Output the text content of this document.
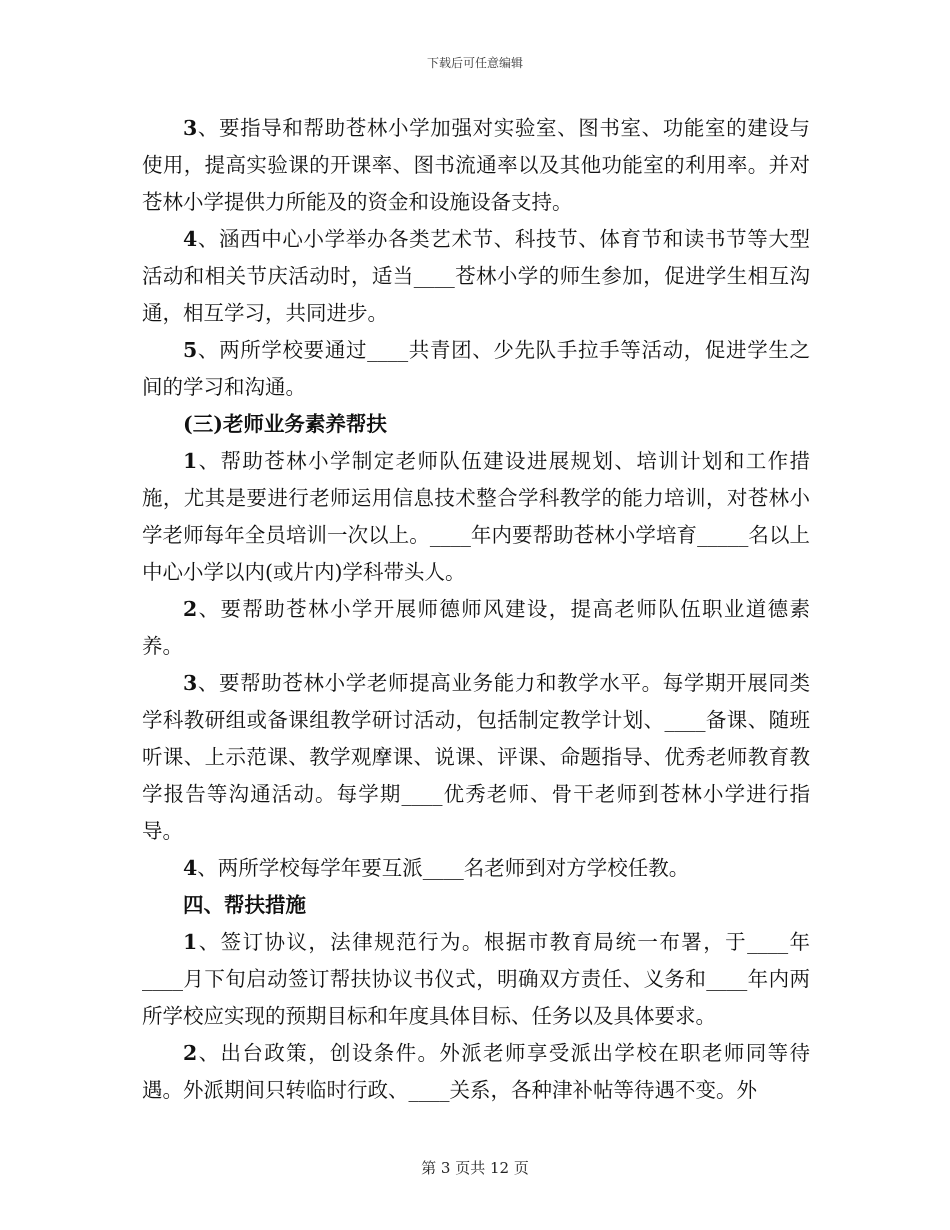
下载后可任意编辑

3、要指导和帮助苍林小学加强对实验室、图书室、功能室的建设与使用，提高实验课的开课率、图书流通率以及其他功能室的利用率。并对苍林小学提供力所能及的资金和设施设备支持。

4、涵西中心小学举办各类艺术节、科技节、体育节和读书节等大型活动和相关节庆活动时，适当____苍林小学的师生参加，促进学生相互沟通，相互学习，共同进步。

5、两所学校要通过____共青团、少先队手拉手等活动，促进学生之间的学习和沟通。

(三)老师业务素养帮扶

1、帮助苍林小学制定老师队伍建设进展规划、培训计划和工作措施，尤其是要进行老师运用信息技术整合学科教学的能力培训，对苍林小学老师每年全员培训一次以上。____年内要帮助苍林小学培育_____名以上中心小学以内(或片内)学科带头人。

2、要帮助苍林小学开展师德师风建设，提高老师队伍职业道德素养。

3、要帮助苍林小学老师提高业务能力和教学水平。每学期开展同类学科教研组或备课组教学研讨活动，包括制定教学计划、____备课、随班听课、上示范课、教学观摩课、说课、评课、命题指导、优秀老师教育教学报告等沟通活动。每学期____优秀老师、骨干老师到苍林小学进行指导。

4、两所学校每学年要互派____名老师到对方学校任教。

四、帮扶措施

1、签订协议，法律规范行为。根据市教育局统一布署，于____年____月下旬启动签订帮扶协议书仪式，明确双方责任、义务和____年内两所学校应实现的预期目标和年度具体目标、任务以及具体要求。

2、出台政策，创设条件。外派老师享受派出学校在职老师同等待遇。外派期间只转临时行政、____关系，各种津补帖等待遇不变。外

第 3 页共 12 页
